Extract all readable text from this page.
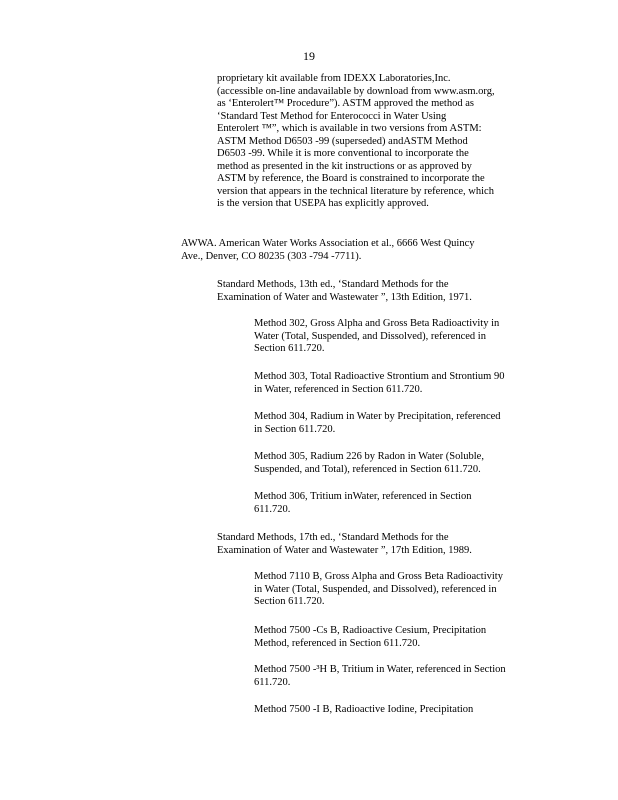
19
proprietary kit available from IDEXX Laboratories,Inc.
(accessible on-line andavailable by download from www.asm.org,
as ‘Enterolert™ Procedure”). ASTM approved the method as
‘Standard Test Method for Enterococci in Water Using
Enterolert ™”, which is available in two versions from ASTM:
ASTM Method D6503 -99 (superseded) andASTM Method
D6503 -99. While it is more conventional to incorporate the
method as presented in the kit instructions or as approved by
ASTM by reference, the Board is constrained to incorporate the
version that appears in the technical literature by reference, which
is the version that USEPA has explicitly approved.
AWWA. American Water Works Association et al., 6666 West Quincy
Ave., Denver, CO 80235 (303 -794 -7711).
Standard Methods, 13th ed., ‘Standard Methods for the
Examination of Water and Wastewater ”, 13th Edition, 1971.
Method 302, Gross Alpha and Gross Beta Radioactivity in
Water (Total, Suspended, and Dissolved), referenced in
Section 611.720.
Method 303, Total Radioactive Strontium and Strontium 90
in Water, referenced in Section 611.720.
Method 304, Radium in Water by Precipitation, referenced
in Section 611.720.
Method 305, Radium 226 by Radon in Water (Soluble,
Suspended, and Total), referenced in Section 611.720.
Method 306, Tritium inWater, referenced in Section
611.720.
Standard Methods, 17th ed., ‘Standard Methods for the
Examination of Water and Wastewater ”, 17th Edition, 1989.
Method 7110 B, Gross Alpha and Gross Beta Radioactivity
in Water (Total, Suspended, and Dissolved), referenced in
Section 611.720.
Method 7500 -Cs B, Radioactive Cesium, Precipitation
Method, referenced in Section 611.720.
Method 7500 -³H B, Tritium in Water, referenced in Section
611.720.
Method 7500 -I B, Radioactive Iodine, Precipitation
